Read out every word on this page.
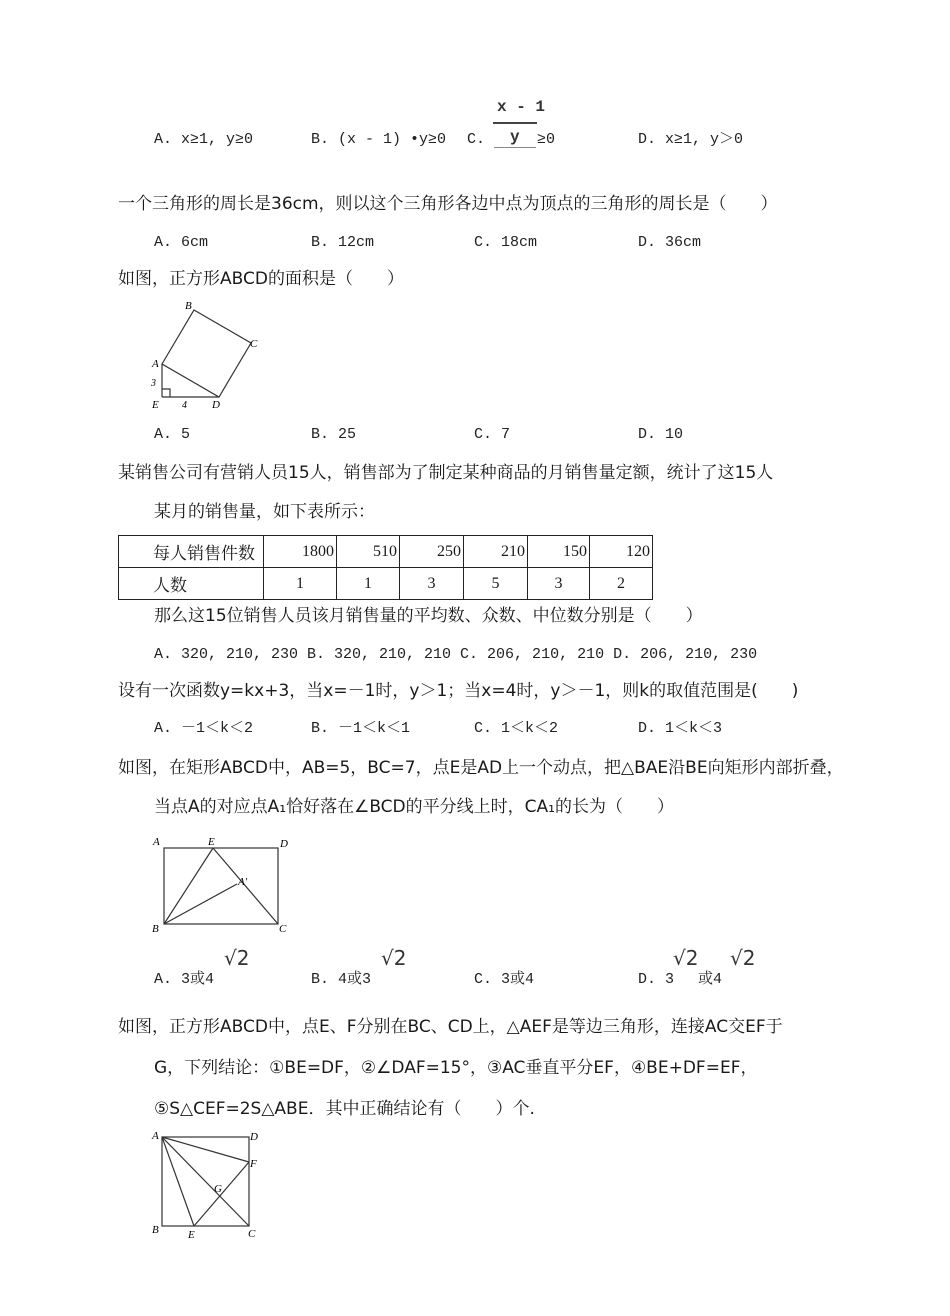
A. x≥1, y≥0	B. (x - 1) •y≥0 C.
x - 1
y ≥0	D. x≥1, y＞0
一个三角形的周长是36cm，则以这个三角形各边中点为顶点的三角形的周长是（　　）
A. 6cm	B. 12cm	C. 18cm	D. 36cm
如图，正方形ABCD的面积是（　　）
B
C
A
E	D
3
4
A. 5	B. 25	C. 7	D. 10
某销售公司有营销人员15人，销售部为了制定某种商品的月销售量定额，统计了这15人
某月的销售量，如下表所示：
每人销售件数	1800	510	250	210	150	120
人数	1	1	3	5	3	2
那么这15位销售人员该月销售量的平均数、众数、中位数分别是（　　）
A. 320, 210, 230 B. 320, 210, 210 C. 206, 210, 210 D. 206, 210, 230
设有一次函数y=kx+3，当x=－1时，y＞1；当x=4时，y＞－1，则k的取值范围是(　　)
A. －1＜k＜2	B. －1＜k＜1	C. 1＜k＜2	D. 1＜k＜3
如图，在矩形ABCD中，AB=5，BC=7，点E是AD上一个动点，把△BAE沿BE向矩形内部折叠，
当点A的对应点A₁恰好落在∠BCD的平分线上时，CA₁的长为（　　）
A	E	D
A′
B	C
A. 3或4
√2
B. 4或3
√2
C. 3或4	D. 3
√2
或4
√2
如图，正方形ABCD中，点E、F分别在BC、CD上，△AEF是等边三角形，连接AC交EF于
G，下列结论：①BE=DF，②∠DAF=15°，③AC垂直平分EF，④BE+DF=EF，
⑤S△CEF=2S△ABE．其中正确结论有（　　）个.
A	D
F
G
B	E	C
